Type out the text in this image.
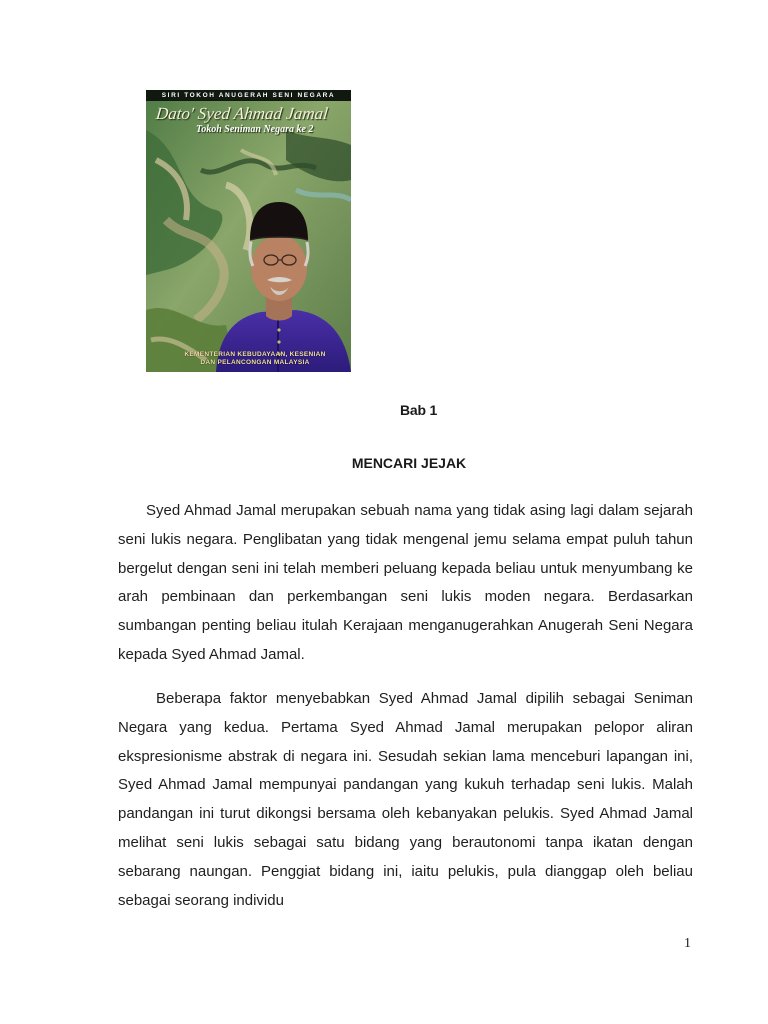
SIRI TOKOH ANUGERAH SENI NEGARA
Dato' Syed Ahmad Jamal
Tokoh Seniman Negara ke 2
KEMENTERIAN KEBUDAYAAN, KESENIAN
DAN PELANCONGAN MALAYSIA
Bab 1
MENCARI JEJAK

Syed Ahmad Jamal merupakan sebuah nama yang tidak asing lagi dalam sejarah seni lukis negara. Penglibatan yang tidak mengenal jemu selama empat puluh tahun bergelut dengan seni ini telah memberi peluang kepada beliau untuk menyumbang ke arah pembinaan dan perkembangan seni lukis moden negara. Berdasarkan sumbangan penting beliau itulah Kerajaan menganugerahkan Anugerah Seni Negara kepada Syed Ahmad Jamal.

Beberapa faktor menyebabkan Syed Ahmad Jamal dipilih sebagai Seniman Negara yang kedua. Pertama Syed Ahmad Jamal merupakan pelopor aliran ekspresionisme abstrak di negara ini. Sesudah sekian lama menceburi lapangan ini, Syed Ahmad Jamal mempunyai pandangan yang kukuh terhadap seni lukis. Malah pandangan ini turut dikongsi bersama oleh kebanyakan pelukis. Syed Ahmad Jamal melihat seni lukis sebagai satu bidang yang berautonomi tanpa ikatan dengan sebarang naungan. Penggiat bidang ini, iaitu pelukis, pula dianggap oleh beliau sebagai seorang individu

1
